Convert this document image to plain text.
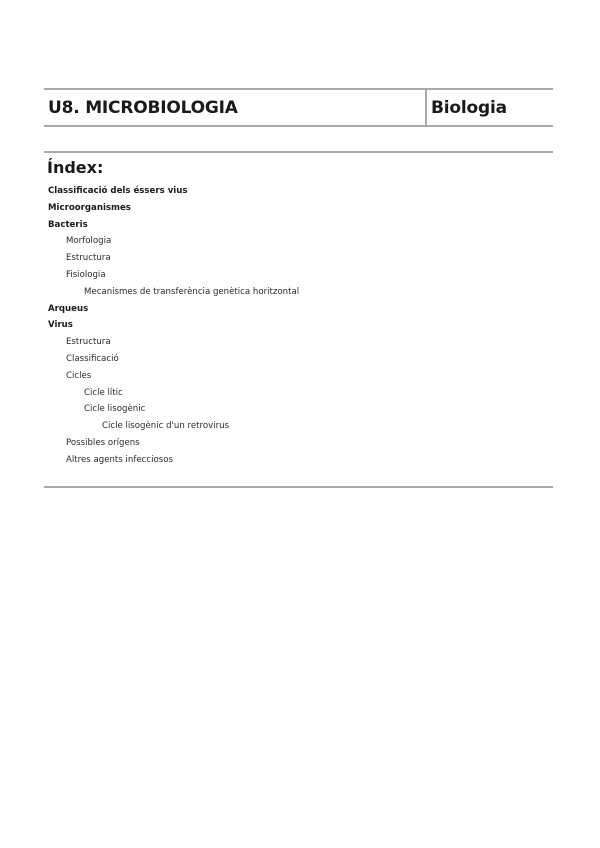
U8. MICROBIOLOGIA	Biologia
Índex:
Classificació dels éssers vius
Microorganismes
Bacteris
Morfologia
Estructura
Fisiologia
Mecanismes de transferència genètica horitzontal
Arqueus
Virus
Estructura
Classificació
Cicles
Cicle lític
Cicle lisogènic
Cicle lisogènic d'un retrovirus
Possibles orígens
Altres agents infecciosos
